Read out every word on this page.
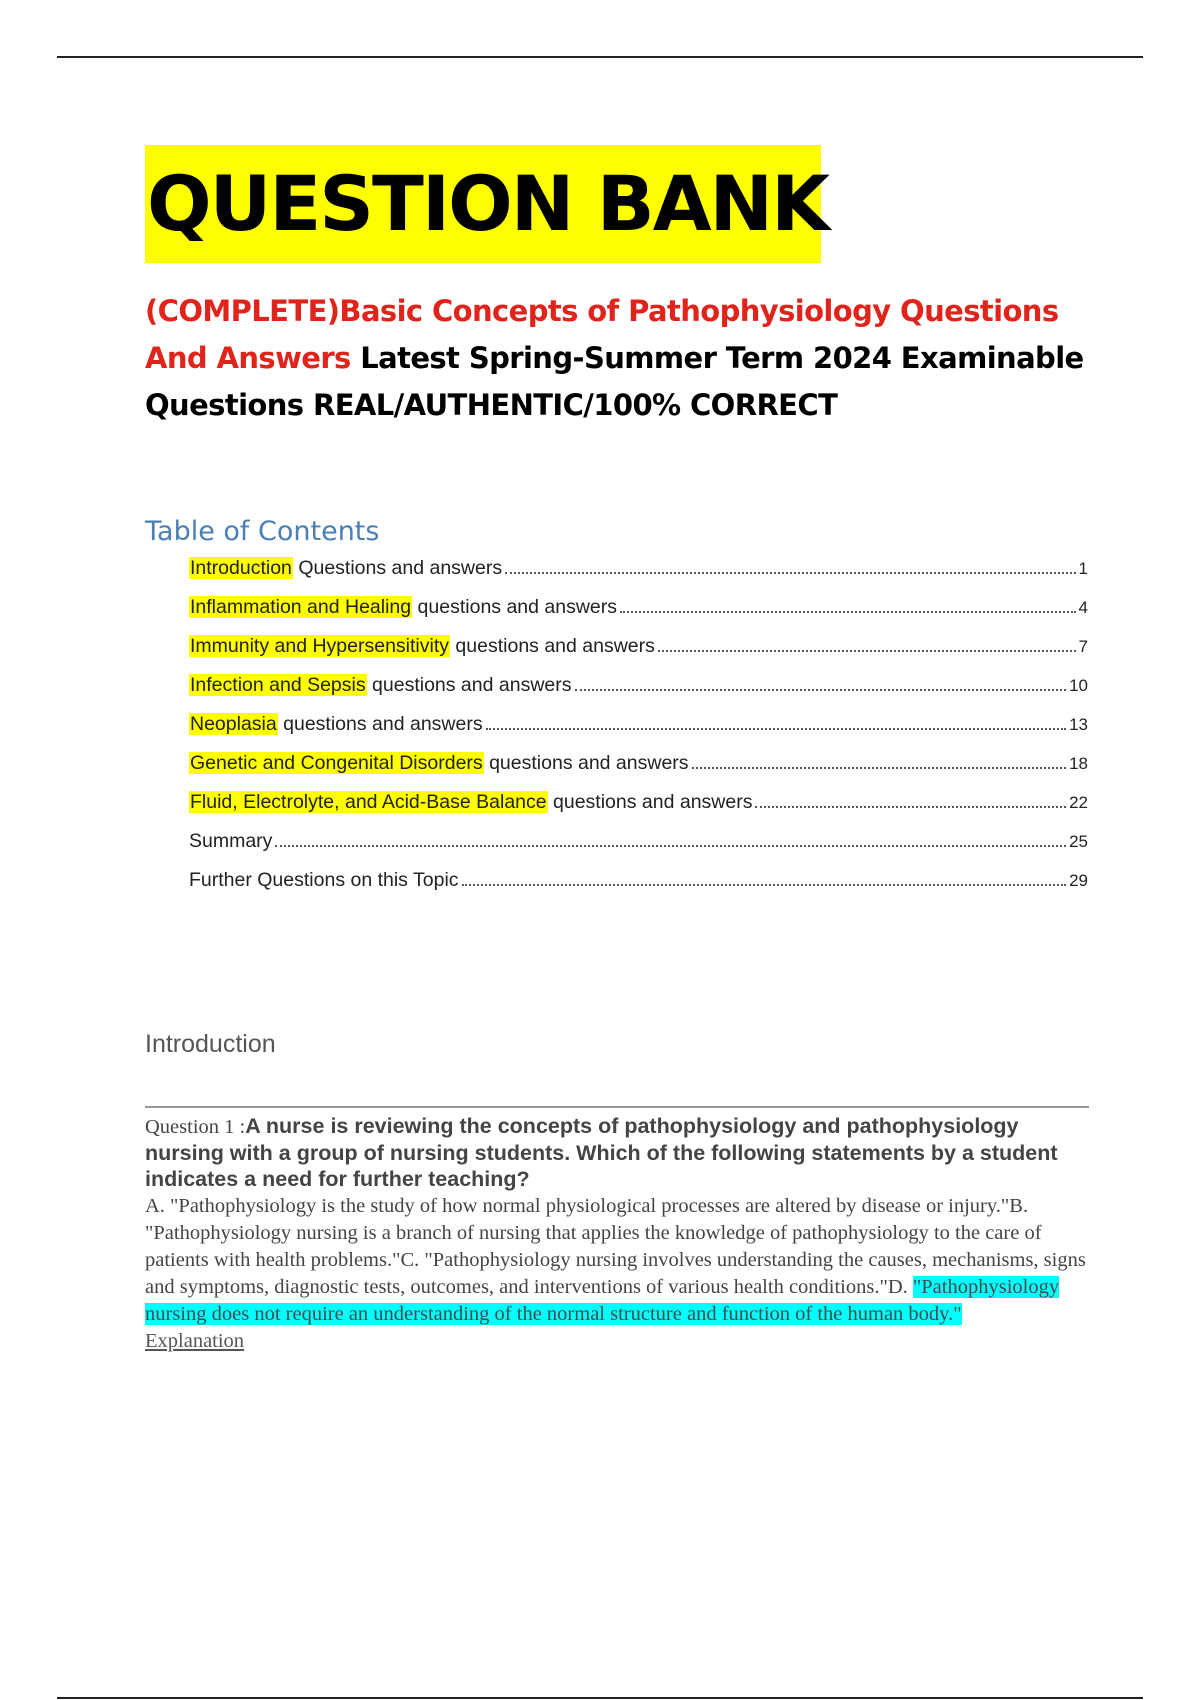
QUESTION BANK
(COMPLETE)Basic Concepts of Pathophysiology Questions And Answers Latest Spring-Summer Term 2024 Examinable Questions REAL/AUTHENTIC/100% CORRECT
Table of Contents
Introduction Questions and answers	1
Inflammation and Healing questions and answers	4
Immunity and Hypersensitivity questions and answers	7
Infection and Sepsis questions and answers	10
Neoplasia questions and answers	13
Genetic and Congenital Disorders questions and answers	18
Fluid, Electrolyte, and Acid-Base Balance questions and answers	22
Summary	25
Further Questions on this Topic	29
Introduction
Question 1 :A nurse is reviewing the concepts of pathophysiology and pathophysiology nursing with a group of nursing students. Which of the following statements by a student indicates a need for further teaching?
A. "Pathophysiology is the study of how normal physiological processes are altered by disease or injury."B. "Pathophysiology nursing is a branch of nursing that applies the knowledge of pathophysiology to the care of patients with health problems."C. "Pathophysiology nursing involves understanding the causes, mechanisms, signs and symptoms, diagnostic tests, outcomes, and interventions of various health conditions."D. "Pathophysiology nursing does not require an understanding of the normal structure and function of the human body."
Explanation
